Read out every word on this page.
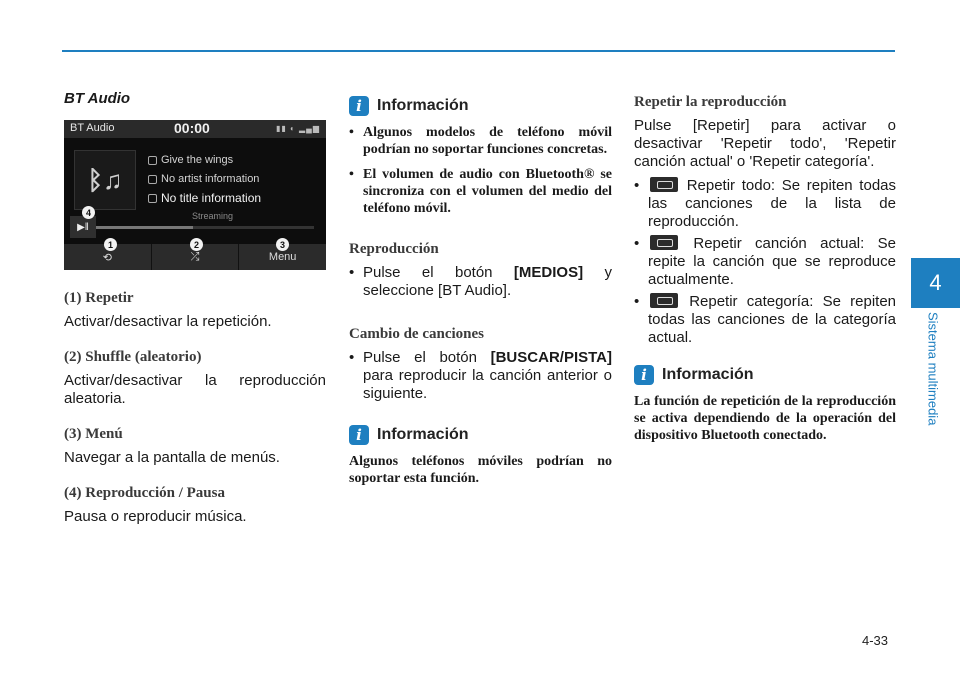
4
Sistema multimedia
BT Audio
BT Audio	00:00	▮▮ ◐ ▂▄▆
ᛒ♫
Give the wings
No artist information
No title information
Streaming
▶‖
⟲	⤮	Menu
1	2	3
4
(1) Repetir
Activar/desactivar la repetición.
(2) Shuffle (aleatorio)
Activar/desactivar la reproducción aleatoria.
(3) Menú
Navegar a la pantalla de menús.
(4) Reproducción / Pausa
Pausa o reproducir música.
i Información
• Algunos modelos de teléfono móvil podrían no soportar funciones concretas.
• El volumen de audio con Bluetooth® se sincroniza con el volumen del medio del teléfono móvil.
Reproducción
• Pulse el botón [MEDIOS] y seleccione [BT Audio].
Cambio de canciones
• Pulse el botón [BUSCAR/PISTA] para reproducir la canción anterior o siguiente.
i Información
Algunos teléfonos móviles podrían no soportar esta función.
Repetir la reproducción
Pulse [Repetir] para activar o desactivar 'Repetir todo', 'Repetir canción actual' o 'Repetir categoría'.
• Repetir todo: Se repiten todas las canciones de la lista de reproducción.
• Repetir canción actual: Se repite la canción que se reproduce actualmente.
• Repetir categoría: Se repiten todas las canciones de la categoría actual.
i Información
La función de repetición de la reproducción se activa dependiendo de la operación del dispositivo Bluetooth conectado.
4-33
